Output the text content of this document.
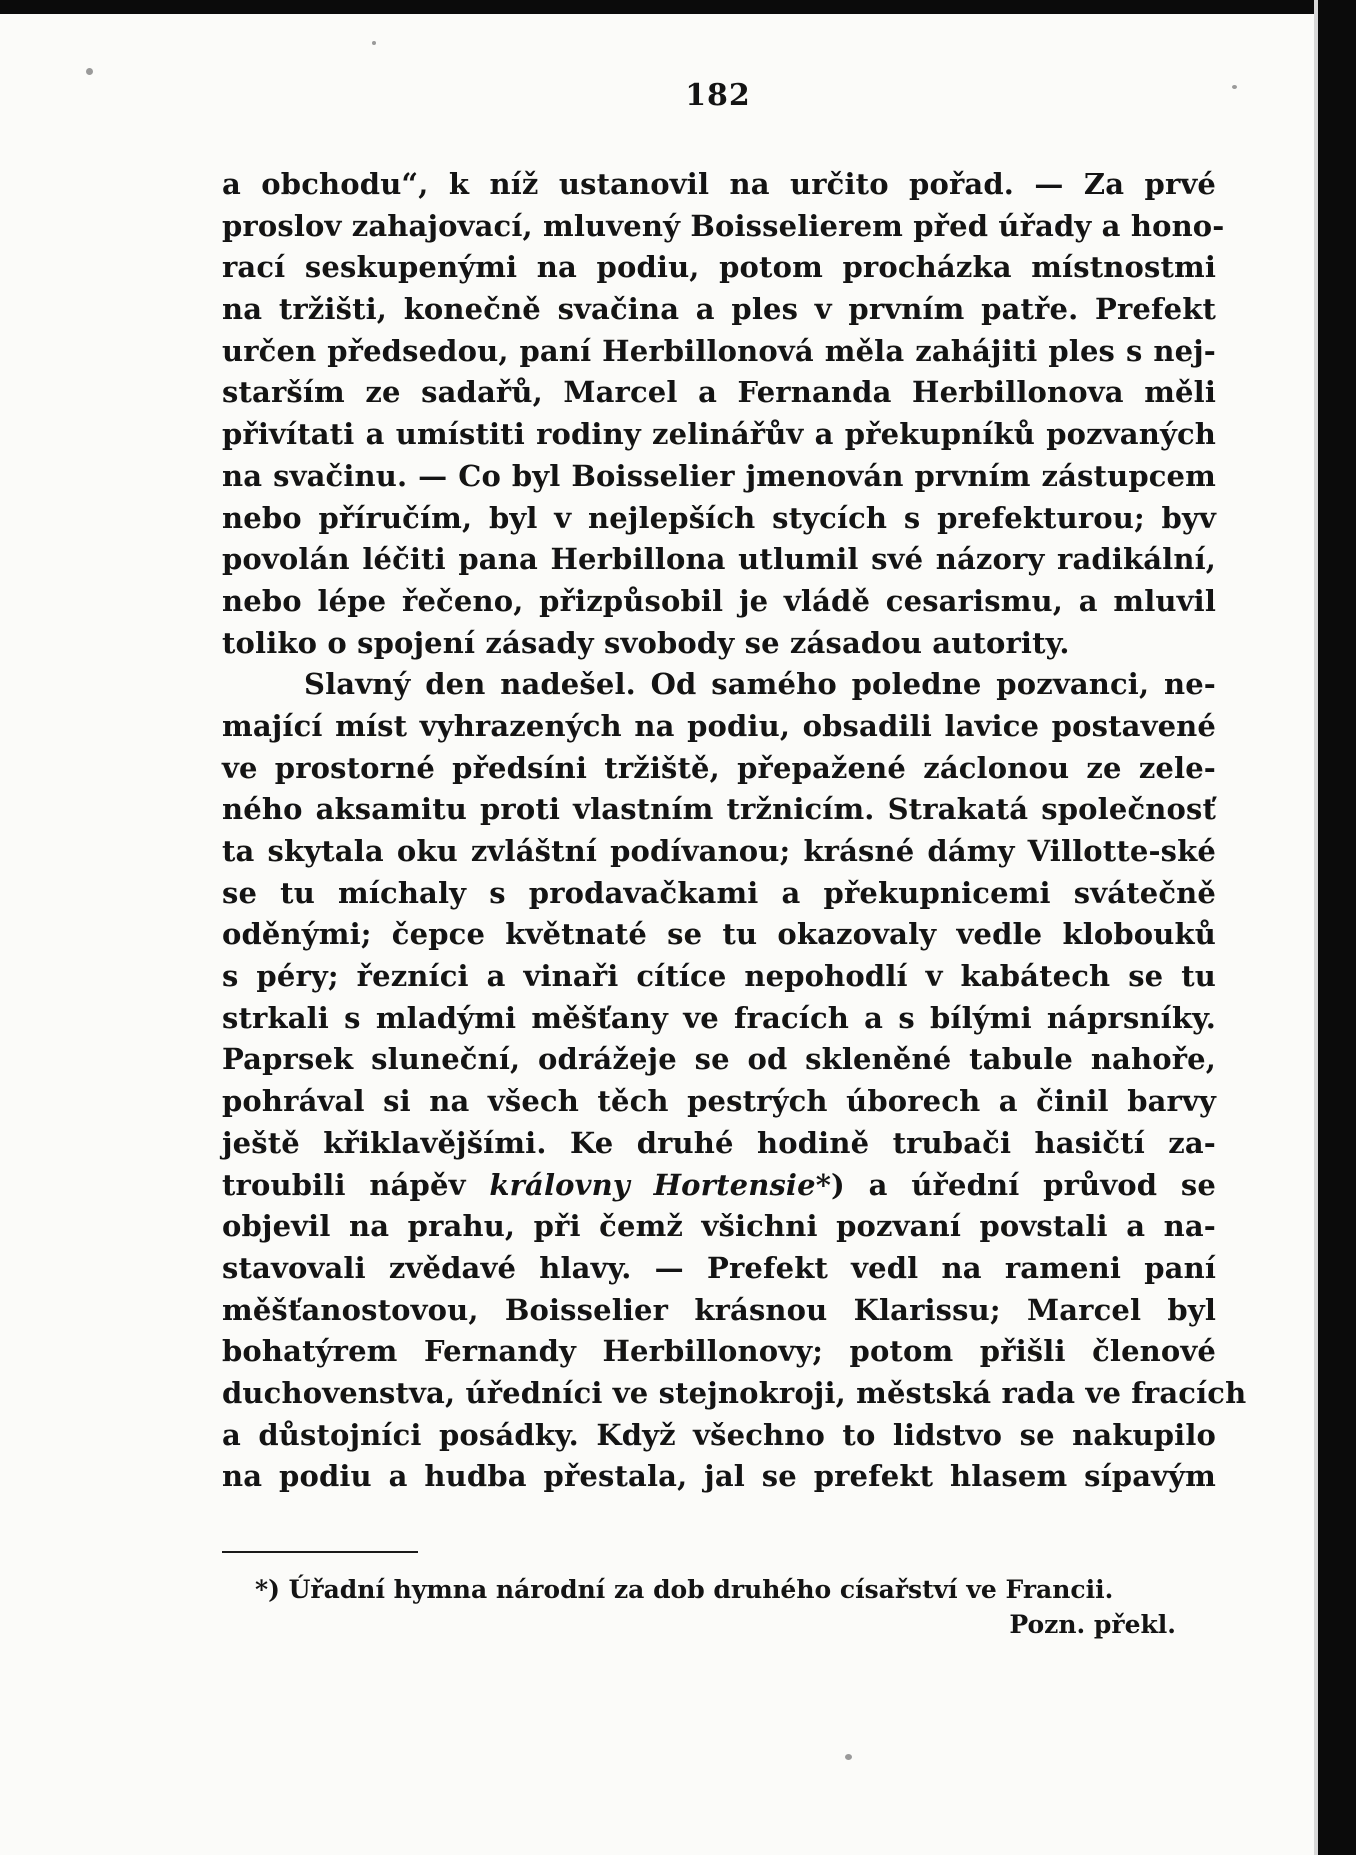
182
a obchodu“, k níž ustanovil na určito pořad. — Za prvé
proslov zahajovací, mluvený Boisselierem před úřady a hono-
rací seskupenými na podiu, potom procházka místnostmi
na tržišti, konečně svačina a ples v prvním patře. Prefekt
určen předsedou, paní Herbillonová měla zahájiti ples s nej-
starším ze sadařů, Marcel a Fernanda Herbillonova měli
přivítati a umístiti rodiny zelinářův a překupníků pozvaných
na svačinu. — Co byl Boisselier jmenován prvním zástupcem
nebo příručím, byl v nejlepších stycích s prefekturou; byv
povolán léčiti pana Herbillona utlumil své názory radikální,
nebo lépe řečeno, přizpůsobil je vládě cesarismu, a mluvil
toliko o spojení zásady svobody se zásadou autority.
Slavný den nadešel. Od samého poledne pozvanci, ne-
mající míst vyhrazených na podiu, obsadili lavice postavené
ve prostorné předsíni tržiště, přepažené záclonou ze zele-
ného aksamitu proti vlastním tržnicím. Strakatá společnosť
ta skytala oku zvláštní podívanou; krásné dámy Villotte-ské
se tu míchaly s prodavačkami a překupnicemi svátečně
oděnými; čepce květnaté se tu okazovaly vedle klobouků
s péry; řezníci a vinaři cítíce nepohodlí v kabátech se tu
strkali s mladými měšťany ve fracích a s bílými náprsníky.
Paprsek sluneční, odrážeje se od skleněné tabule nahoře,
pohrával si na všech těch pestrých úborech a činil barvy
ještě křiklavějšími. Ke druhé hodině trubači hasičtí za-
troubili nápěv královny Hortensie*) a úřední průvod se
objevil na prahu, při čemž všichni pozvaní povstali a na-
stavovali zvědavé hlavy. — Prefekt vedl na rameni paní
měšťanostovou, Boisselier krásnou Klarissu; Marcel byl
bohatýrem Fernandy Herbillonovy; potom přišli členové
duchovenstva, úředníci ve stejnokroji, městská rada ve fracích
a důstojníci posádky. Když všechno to lidstvo se nakupilo
na podiu a hudba přestala, jal se prefekt hlasem sípavým
*) Úřadní hymna národní za dob druhého císařství ve Francii.
Pozn. překl.
